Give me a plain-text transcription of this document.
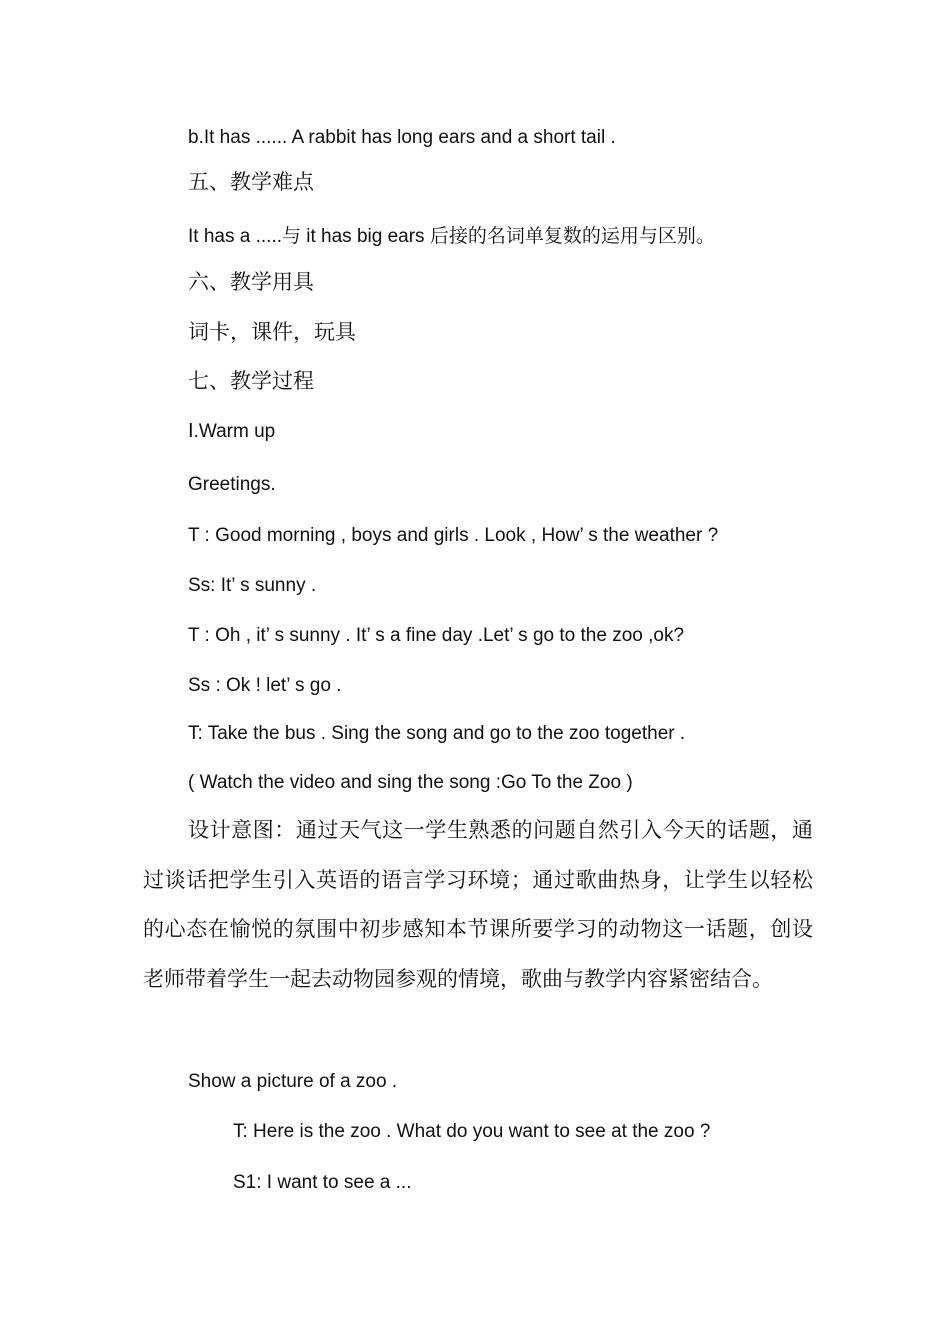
b.It has ...... A rabbit has long ears and a short tail .
五、教学难点
It has a .....与 it has big ears 后接的名词单复数的运用与区别。
六、教学用具
词卡，课件，玩具
七、教学过程
Ⅰ.Warm up
Greetings.
T : Good morning , boys and girls . Look , How’ s the weather ?
Ss: It’ s sunny .
T : Oh , it’ s sunny . It’ s a fine day .Let’ s go to the zoo ,ok?
Ss : Ok ! let’ s go .
T: Take the bus . Sing the song and go to the zoo together .
( Watch the video and sing the song :Go To the Zoo )
设计意图：通过天气这一学生熟悉的问题自然引入今天的话题，通过谈话把学生引入英语的语言学习环境；通过歌曲热身，让学生以轻松的心态在愉悦的氛围中初步感知本节课所要学习的动物这一话题，创设老师带着学生一起去动物园参观的情境，歌曲与教学内容紧密结合。
Show a picture of a zoo .
T: Here is the zoo . What do you want to see at the zoo ?
S1: I want to see a ...
